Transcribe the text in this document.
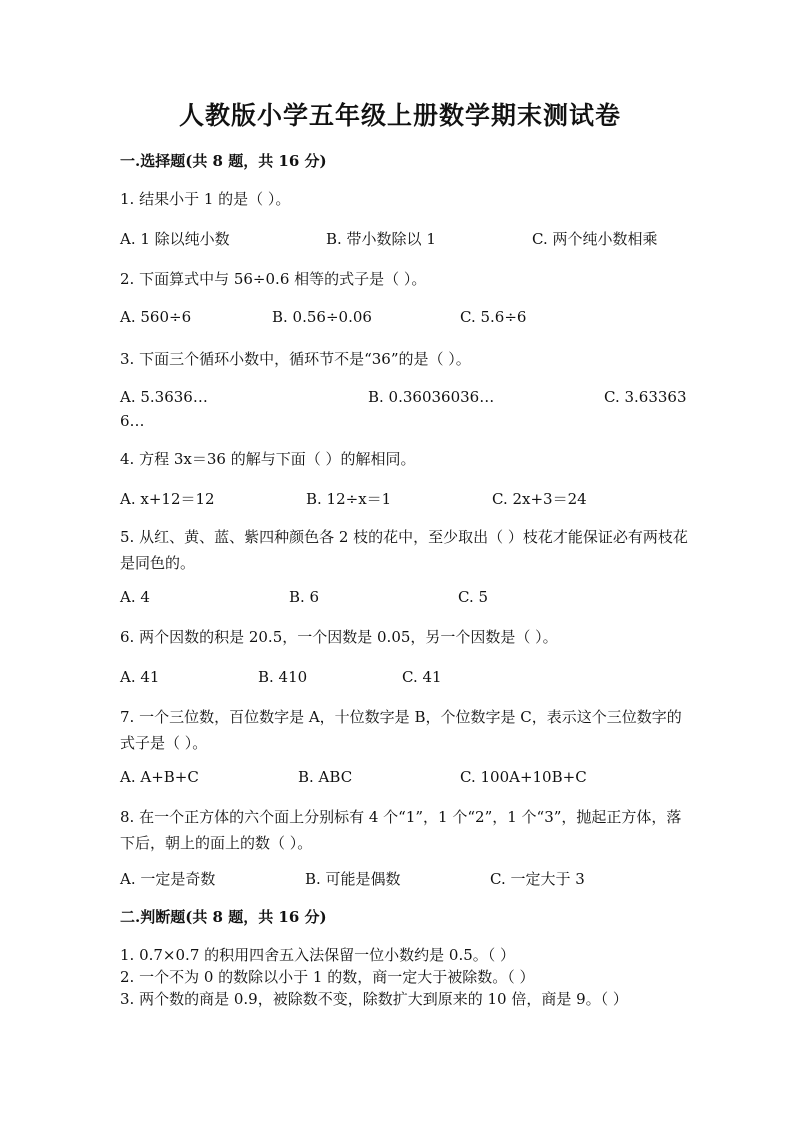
人教版小学五年级上册数学期末测试卷
一.选择题(共 8 题，共 16 分)
1. 结果小于 1 的是（ ）。
A. 1 除以纯小数	B. 带小数除以 1	C. 两个纯小数相乘
2. 下面算式中与 56÷0.6 相等的式子是（ ）。
A. 560÷6	B. 0.56÷0.06	C. 5.6÷6
3. 下面三个循环小数中，循环节不是“36”的是（ ）。
A. 5.3636…	B. 0.36036036…	C. 3.63363
6…
4. 方程 3x＝36 的解与下面（ ）的解相同。
A. x+12＝12	B. 12÷x＝1	C. 2x+3＝24
5. 从红、黄、蓝、紫四种颜色各 2 枝的花中，至少取出（ ）枝花才能保证必有两枝花是同色的。
A. 4	B. 6	C. 5
6. 两个因数的积是 20.5，一个因数是 0.05，另一个因数是（ ）。
A. 41	B. 410	C. 41
7. 一个三位数，百位数字是 A，十位数字是 B，个位数字是 C，表示这个三位数字的式子是（ ）。
A. A+B+C	B. ABC	C. 100A+10B+C
8. 在一个正方体的六个面上分别标有 4 个“1”，1 个“2”，1 个“3”，抛起正方体，落下后，朝上的面上的数（ ）。
A. 一定是奇数	B. 可能是偶数	C. 一定大于 3
二.判断题(共 8 题，共 16 分)
1. 0.7×0.7 的积用四舍五入法保留一位小数约是 0.5。（ ）
2. 一个不为 0 的数除以小于 1 的数，商一定大于被除数。（ ）
3. 两个数的商是 0.9，被除数不变，除数扩大到原来的 10 倍，商是 9。（ ）
